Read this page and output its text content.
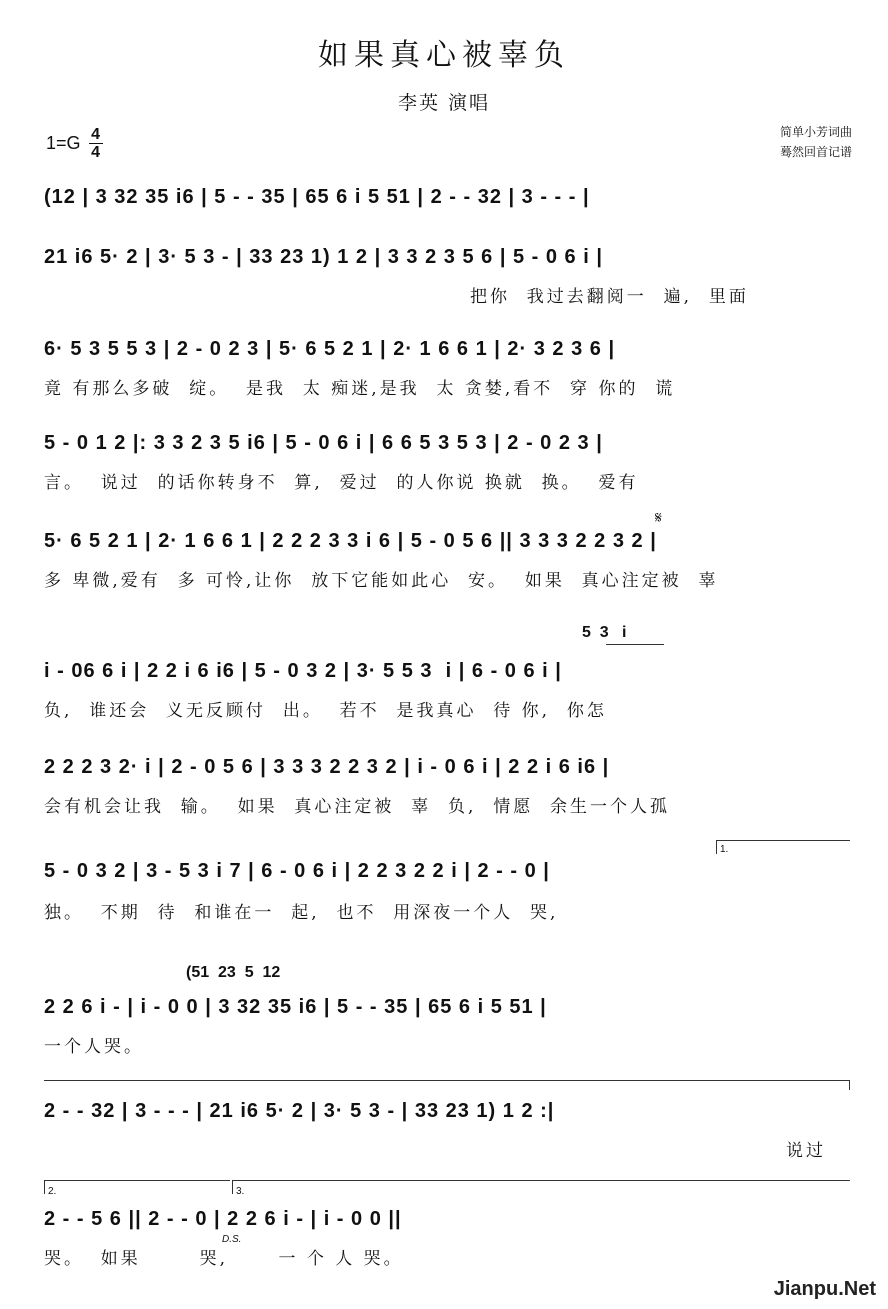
如果真心被辜负
李英 演唱
1=G 4
4
简单小芳词曲
蓦然回首记谱
(12 | 3 32 35 i6 | 5 - - 35 | 65 6 i 5 51 | 2 - - 32 | 3 - - - |
21 i6 5· 2 | 3· 5 3 - | 33 23 1) 1 2 | 3 3 2 3 5 6 | 5 - 0 6 i |
把你  我过去翻阅一  遍,  里面
6· 5 3 5 5 3 | 2 - 0 2 3 | 5· 6 5 2 1 | 2· 1 6 6 1 | 2· 3 2 3 6 |
竟 有那么多破  绽。  是我  太 痴迷,是我  太 贪婪,看不  穿 你的  谎
5 - 0 1 2 |: 3 3 2 3 5 i6 | 5 - 0 6 i | 6 6 5 3 5 3 | 2 - 0 2 3 |
言。  说过  的话你转身不  算,  爱过  的人你说 换就  换。  爱有
𝄋
5· 6 5 2 1 | 2· 1 6 6 1 | 2 2 2 3 3 i 6 | 5 - 0 5 6 || 3 3 3 2 2 3 2 |
多 卑微,爱有  多 可怜,让你  放下它能如此心  安。  如果  真心注定被  辜
5  3   i
i - 06 6 i | 2 2 i 6 i6 | 5 - 0 3 2 | 3· 5 5 3  i | 6 - 0 6 i |
负,  谁还会  义无反顾付  出。  若不  是我真心  待 你,  你怎
2 2 2 3 2· i | 2 - 0 5 6 | 3 3 3 2 2 3 2 | i - 0 6 i | 2 2 i 6 i6 |
会有机会让我  输。  如果  真心注定被  辜  负,  情愿  余生一个人孤
1.
5 - 0 3 2 | 3 - 5 3 i 7 | 6 - 0 6 i | 2 2 3 2 2 i | 2 - - 0 |
独。  不期  待  和谁在一  起,  也不  用深夜一个人  哭,
(51  23  5  12
2 2 6 i - | i - 0 0 | 3 32 35 i6 | 5 - - 35 | 65 6 i 5 51 |
一个人哭。
2 - - 32 | 3 - - - | 21 i6 5· 2 | 3· 5 3 - | 33 23 1) 1 2 :|
说过
2.	3.
2 - - 5 6 || 2 - - 0 | 2 2 6 i - | i - 0 0 ||
D.S.
哭。  如果       哭,      一 个 人 哭。
Jianpu.Net
